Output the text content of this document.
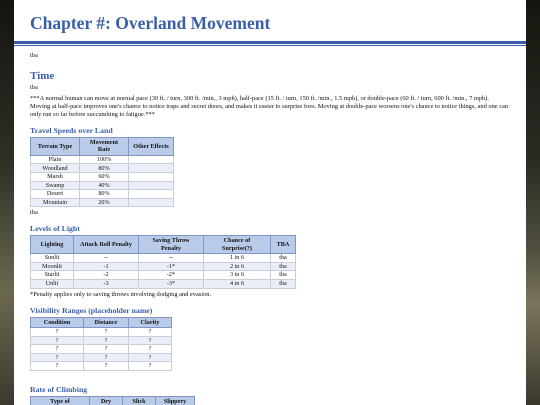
Chapter #: Overland Movement

tba

Time

tba

***A normal human can move at normal pace (30 ft. / turn, 300 ft. /min., 3 mph), half-pace (15 ft. / turn, 150 ft. /min., 1.5 mph), or double-pace (60 ft. / turn, 600 ft. /min., 7 mph). Moving at half-pace improves one's chance to notice traps and secret doors, and makes it easier to surprise foes. Moving at double-pace worsens one's chance to notice things, and one can only run so far before succumbing to fatigue.***

Travel Speeds over Land
Terrain Type	Movement Rate	Other Effects
Plain	100%	
Woodland	80%	
Marsh	60%	
Swamp	40%	
Desert	80%	
Mountain	20%	

tba

Levels of Light
Lighting	Attack Roll Penalty	Saving Throw Penalty	Chance of Surprise(?)	TBA
Sunlit	--	--	1 in 6	tba
Moonlit	-1	-1*	2 in 6	tba
Starlit	-2	-2*	3 in 6	tba
Unlit	-3	-3*	4 in 6	tba

*Penalty applies only to saving throws involving dodging and evasion.

Visibility Ranges (placeholder name)
Condition	Distance	Clarity
?	?	?
?	?	?
?	?	?
?	?	?
?	?	?
Rate of Climbing
Type of	Dry	Slick	Slippery
